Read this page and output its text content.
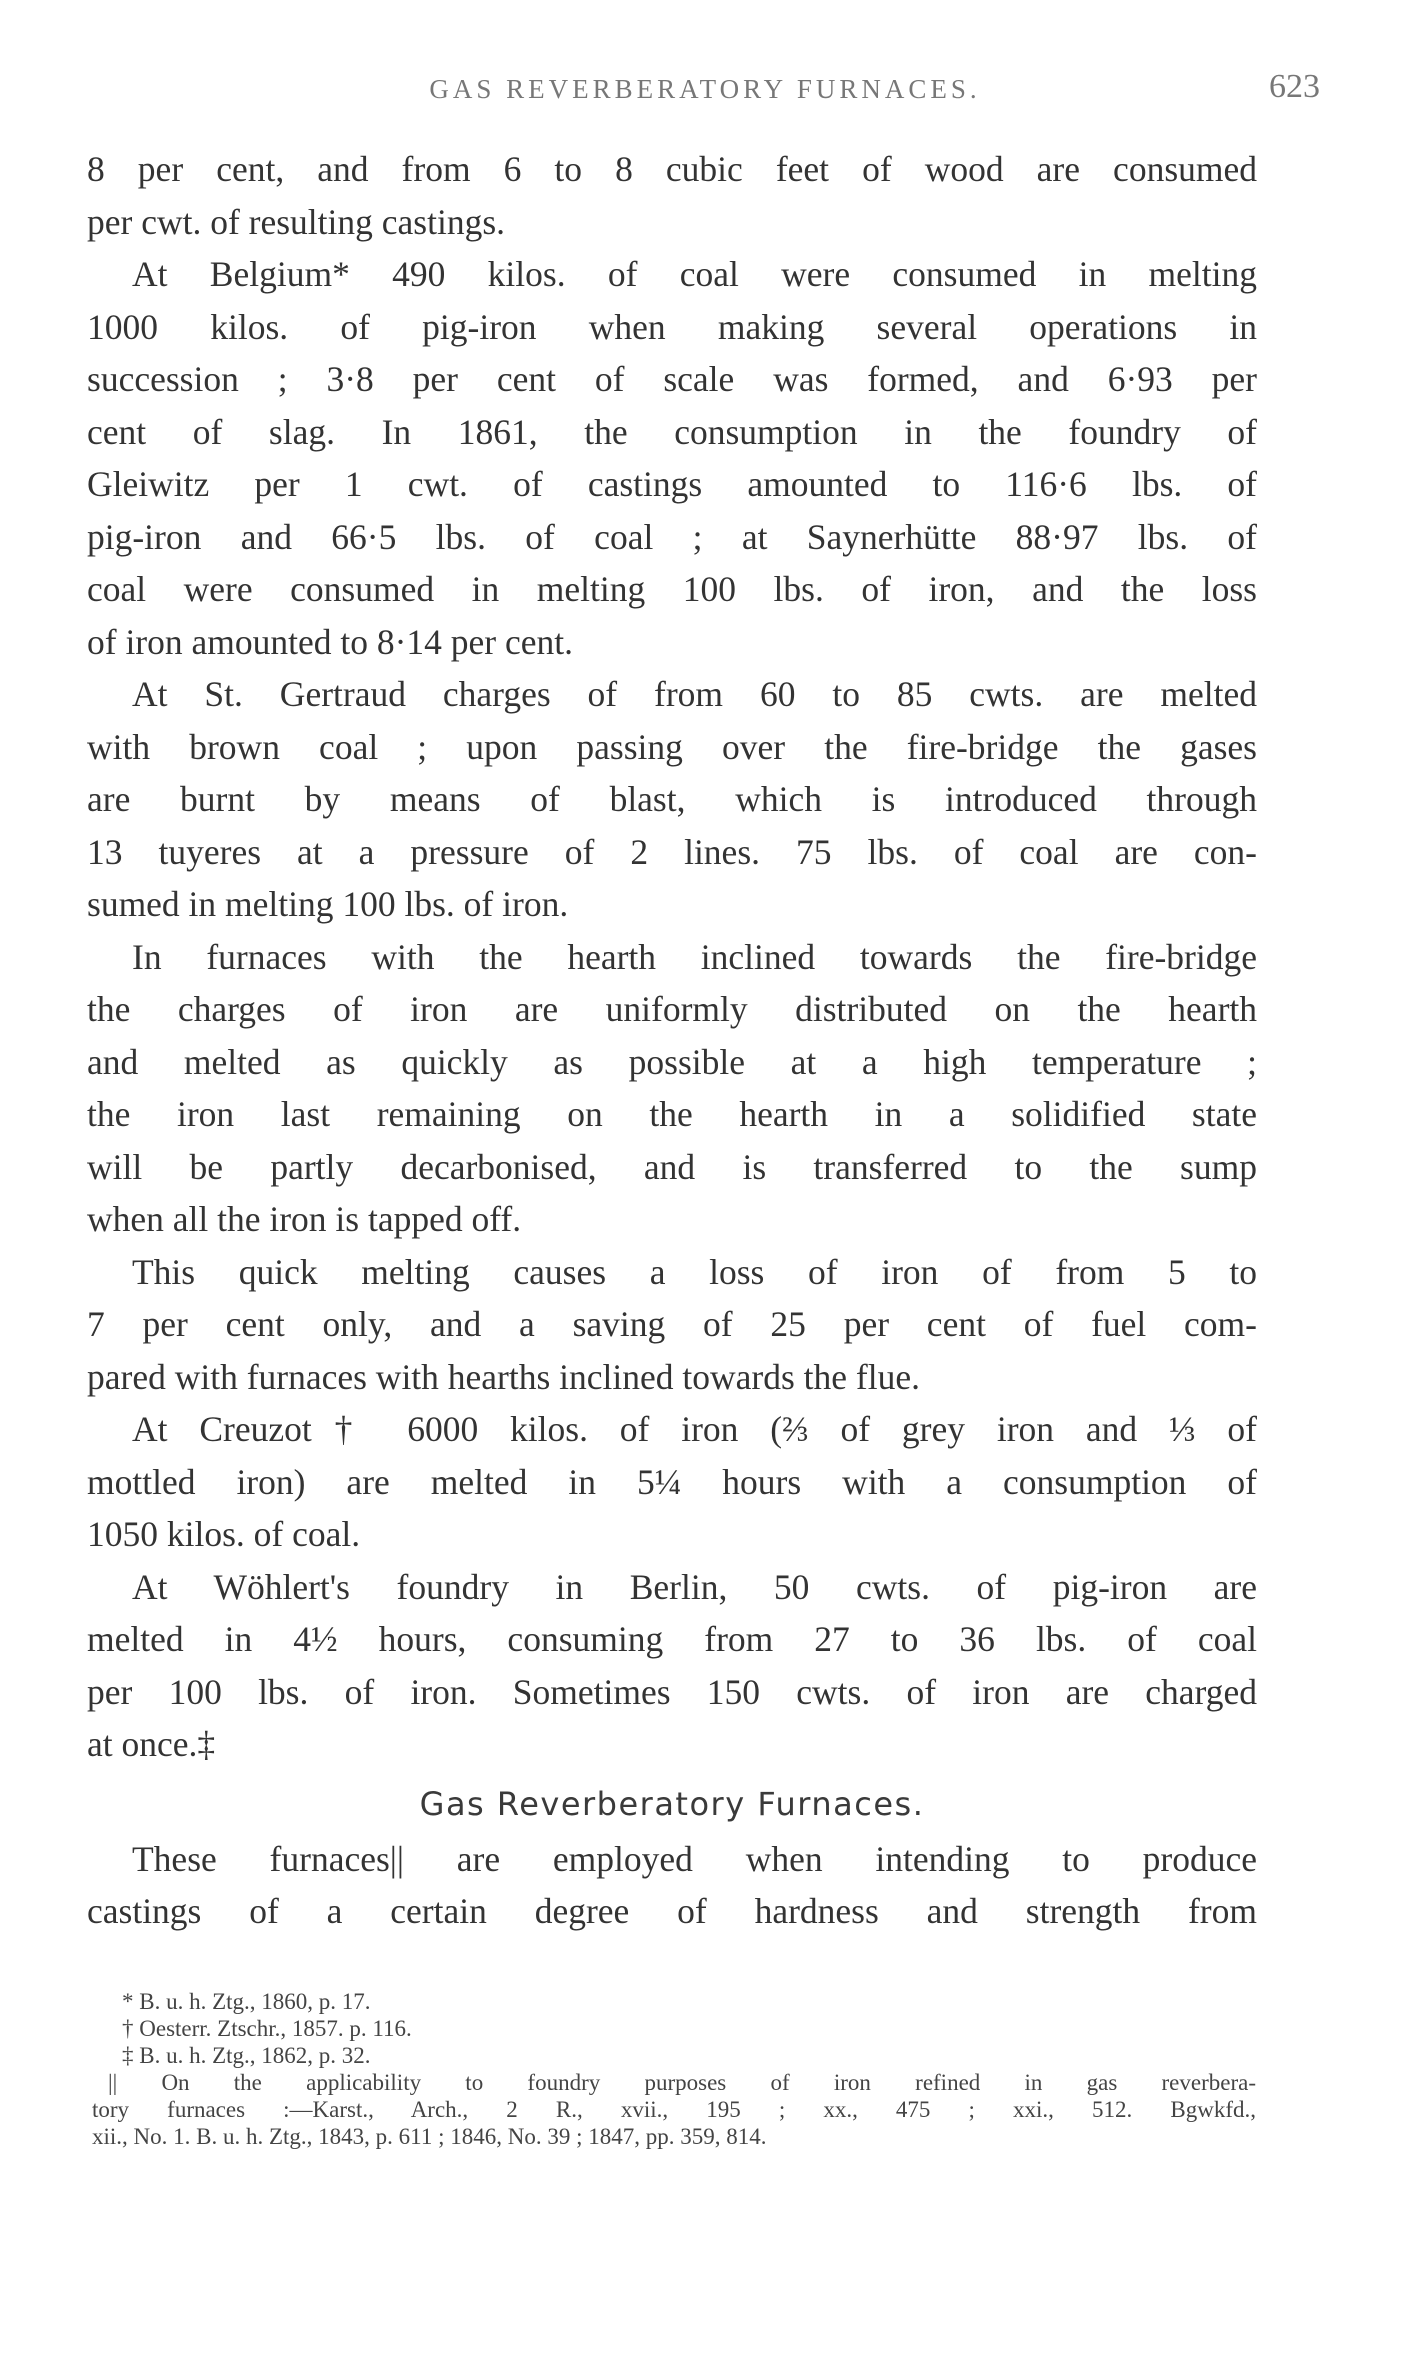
GAS REVERBERATORY FURNACES.	623
8 per cent, and from 6 to 8 cubic feet of wood are consumed
per cwt. of resulting castings.
At Belgium* 490 kilos. of coal were consumed in melting
1000 kilos. of pig-iron when making several operations in
succession ; 3·8 per cent of scale was formed, and 6·93 per
cent of slag. In 1861, the consumption in the foundry of
Gleiwitz per 1 cwt. of castings amounted to 116·6 lbs. of
pig-iron and 66·5 lbs. of coal ; at Saynerhütte 88·97 lbs. of
coal were consumed in melting 100 lbs. of iron, and the loss
of iron amounted to 8·14 per cent.
At St. Gertraud charges of from 60 to 85 cwts. are melted
with brown coal ; upon passing over the fire-bridge the gases
are burnt by means of blast, which is introduced through
13 tuyeres at a pressure of 2 lines. 75 lbs. of coal are con-
sumed in melting 100 lbs. of iron.
In furnaces with the hearth inclined towards the fire-bridge
the charges of iron are uniformly distributed on the hearth
and melted as quickly as possible at a high temperature ;
the iron last remaining on the hearth in a solidified state
will be partly decarbonised, and is transferred to the sump
when all the iron is tapped off.
This quick melting causes a loss of iron of from 5 to
7 per cent only, and a saving of 25 per cent of fuel com-
pared with furnaces with hearths inclined towards the flue.
At Creuzot† 6000 kilos. of iron (⅔ of grey iron and ⅓ of
mottled iron) are melted in 5¼ hours with a consumption of
1050 kilos. of coal.
At Wöhlert's foundry in Berlin, 50 cwts. of pig-iron are
melted in 4½ hours, consuming from 27 to 36 lbs. of coal
per 100 lbs. of iron. Sometimes 150 cwts. of iron are charged
at once.‡
Gas Reverberatory Furnaces.
These furnaces|| are employed when intending to produce
castings of a certain degree of hardness and strength from
* B. u. h. Ztg., 1860, p. 17.
† Oesterr. Ztschr., 1857. p. 116.
‡ B. u. h. Ztg., 1862, p. 32.
|| On the applicability to foundry purposes of iron refined in gas reverbera-
tory furnaces :—Karst., Arch., 2 R., xvii., 195 ; xx., 475 ; xxi., 512. Bgwkfd.,
xii., No. 1. B. u. h. Ztg., 1843, p. 611 ; 1846, No. 39 ; 1847, pp. 359, 814.
